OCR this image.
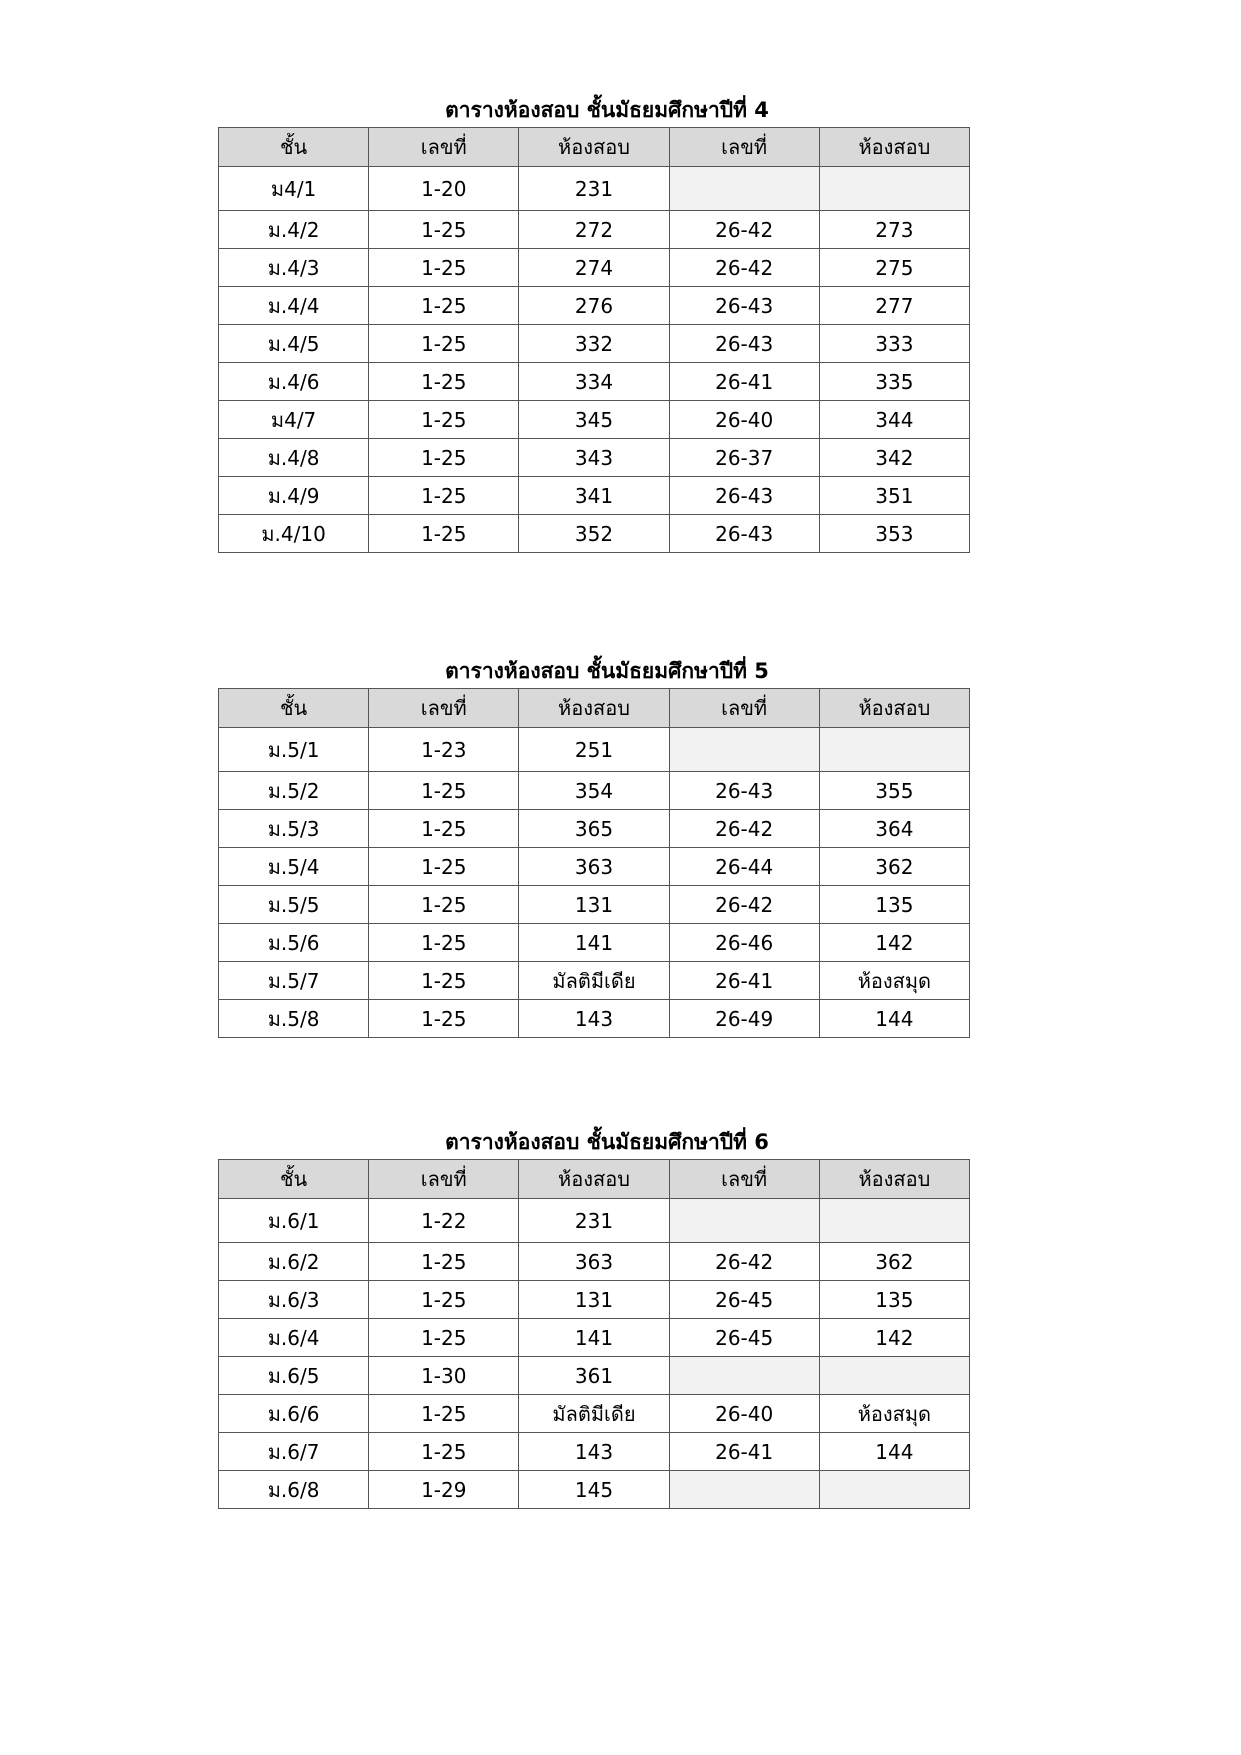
ตารางห้องสอบ ชั้นมัธยมศึกษาปีที่ 4
ชั้น	เลขที่	ห้องสอบ	เลขที่	ห้องสอบ
ม4/1	1-20	231		
ม.4/2	1-25	272	26-42	273
ม.4/3	1-25	274	26-42	275
ม.4/4	1-25	276	26-43	277
ม.4/5	1-25	332	26-43	333
ม.4/6	1-25	334	26-41	335
ม4/7	1-25	345	26-40	344
ม.4/8	1-25	343	26-37	342
ม.4/9	1-25	341	26-43	351
ม.4/10	1-25	352	26-43	353
ตารางห้องสอบ ชั้นมัธยมศึกษาปีที่ 5
ชั้น	เลขที่	ห้องสอบ	เลขที่	ห้องสอบ
ม.5/1	1-23	251		
ม.5/2	1-25	354	26-43	355
ม.5/3	1-25	365	26-42	364
ม.5/4	1-25	363	26-44	362
ม.5/5	1-25	131	26-42	135
ม.5/6	1-25	141	26-46	142
ม.5/7	1-25	มัลติมีเดีย	26-41	ห้องสมุด
ม.5/8	1-25	143	26-49	144
ตารางห้องสอบ ชั้นมัธยมศึกษาปีที่ 6
ชั้น	เลขที่	ห้องสอบ	เลขที่	ห้องสอบ
ม.6/1	1-22	231		
ม.6/2	1-25	363	26-42	362
ม.6/3	1-25	131	26-45	135
ม.6/4	1-25	141	26-45	142
ม.6/5	1-30	361		
ม.6/6	1-25	มัลติมีเดีย	26-40	ห้องสมุด
ม.6/7	1-25	143	26-41	144
ม.6/8	1-29	145		
